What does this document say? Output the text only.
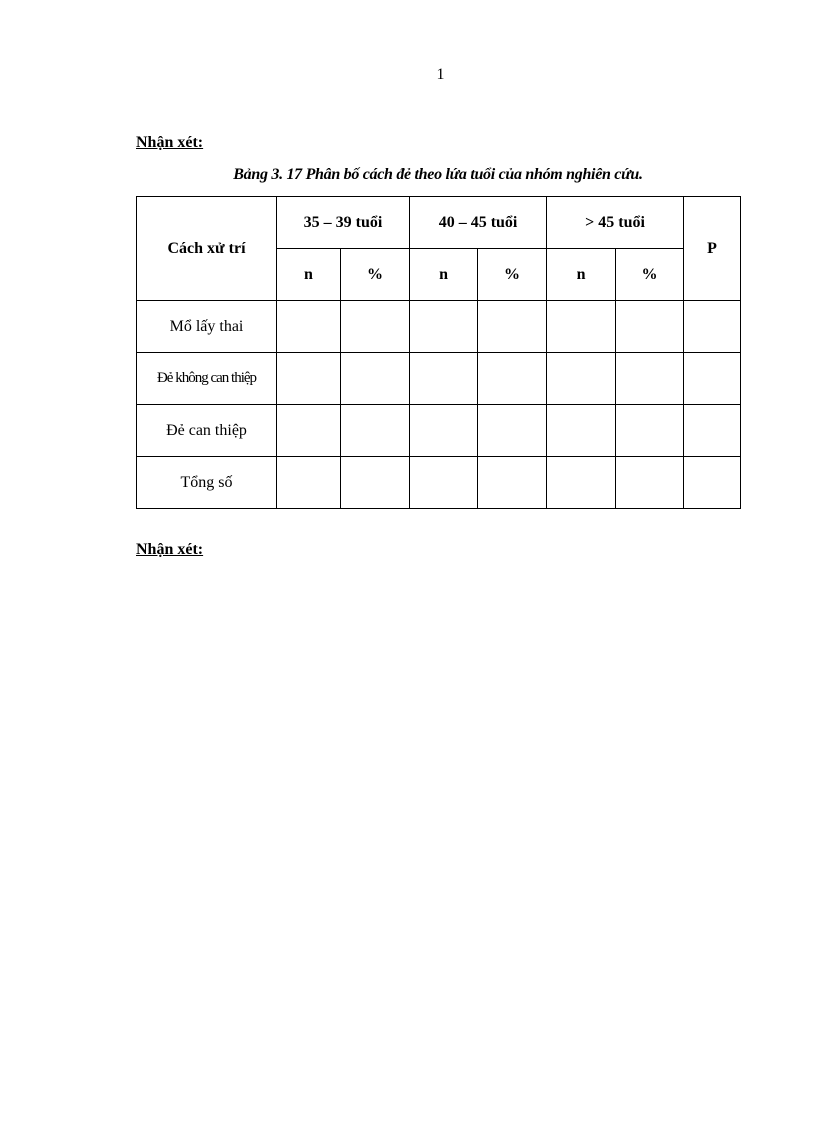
1
Nhận xét:
Bảng 3. 17 Phân bố cách đẻ theo lứa tuổi của nhóm nghiên cứu.
Cách xử trí	35 – 39 tuổi		40 – 45 tuổi		> 45 tuổi		P
	n	%	n	%	n	%	
Mổ lấy thai							
Đẻ không can thiệp							
Đẻ can thiệp							
Tổng số							
Nhận xét:
